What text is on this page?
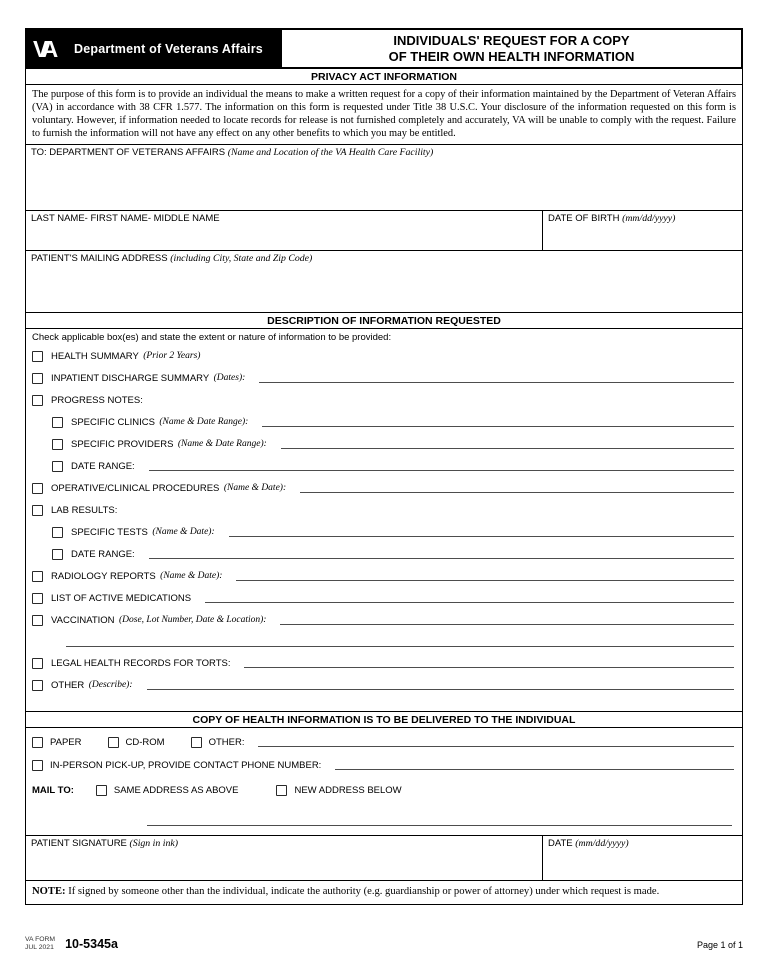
VA	Department of Veterans Affairs
INDIVIDUALS' REQUEST FOR A COPY
OF THEIR OWN HEALTH INFORMATION
PRIVACY ACT INFORMATION
The purpose of this form is to provide an individual the means to make a written request for a copy of their information maintained by the Department of Veteran Affairs (VA) in accordance with 38 CFR 1.577. The information on this form is requested under Title 38 U.S.C. Your disclosure of the information requested on this form is voluntary. However, if information needed to locate records for release is not furnished completely and accurately, VA will be unable to comply with the request. Failure to furnish the information will not have any effect on any other benefits to which you may be entitled.
TO: DEPARTMENT OF VETERANS AFFAIRS (Name and Location of the VA Health Care Facility)
LAST NAME- FIRST NAME- MIDDLE NAME	DATE OF BIRTH (mm/dd/yyyy)
PATIENT'S MAILING ADDRESS (including City, State and Zip Code)
DESCRIPTION OF INFORMATION REQUESTED
Check applicable box(es) and state the extent or nature of information to be provided:
HEALTH SUMMARY
(Prior 2 Years)
INPATIENT DISCHARGE SUMMARY
(Dates):
PROGRESS NOTES:
SPECIFIC CLINICS
(Name & Date Range):
SPECIFIC PROVIDERS
(Name & Date Range):
DATE RANGE:
OPERATIVE/CLINICAL PROCEDURES
(Name & Date):
LAB RESULTS:
SPECIFIC TESTS
(Name & Date):
DATE RANGE:
RADIOLOGY REPORTS
(Name & Date):
LIST OF ACTIVE MEDICATIONS
VACCINATION
(Dose, Lot Number, Date & Location):
LEGAL HEALTH RECORDS FOR TORTS:
OTHER
(Describe):
COPY OF HEALTH INFORMATION IS TO BE DELIVERED TO THE INDIVIDUAL
PAPER	CD-ROM	OTHER:
IN-PERSON PICK-UP, PROVIDE CONTACT PHONE NUMBER:
MAIL TO:	SAME ADDRESS AS ABOVE	NEW ADDRESS BELOW
PATIENT SIGNATURE (Sign in ink)	DATE (mm/dd/yyyy)
NOTE: If signed by someone other than the individual, indicate the authority (e.g. guardianship or power of attorney) under which request is made.
VA FORM
JUL 2021 10-5345a	Page 1 of 1
